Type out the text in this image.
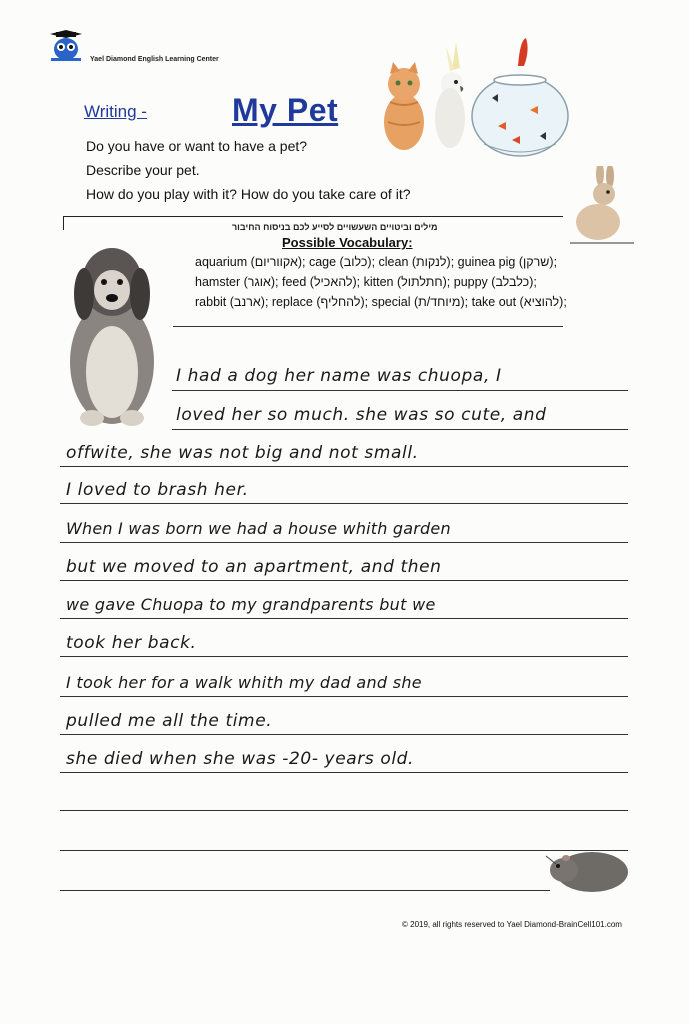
Yael Diamond English Learning Center
Writing -	My Pet
Do you have or want to have a pet?
Describe your pet.
How do you play with it? How do you take care of it?
מילים וביטויים השעשויים לסייע לכם בניסוח החיבור
Possible Vocabulary:
aquarium (אקווריום); cage (כלוב); clean (לנקות); guinea pig (שרקן);
hamster (אוגר); feed (להאכיל); kitten (חתלתול); puppy (כלבלב);
rabbit (ארנב); replace (להחליף); special (מיוחד/ת); take out (להוציא);
I had a dog her name was chuopa, I
loved her so much. she was so cute, and
offwite, she was not big and not small.
I loved to brash her.
When I was born we had a house whith garden
but we moved to an apartment, and then
we gave Chuopa to my grandparents but we
took her back.
I took her for a walk whith my dad and she
pulled me all the time.
she died when she was -20- years old.
© 2019, all rights reserved to Yael Diamond-BrainCell101.com
